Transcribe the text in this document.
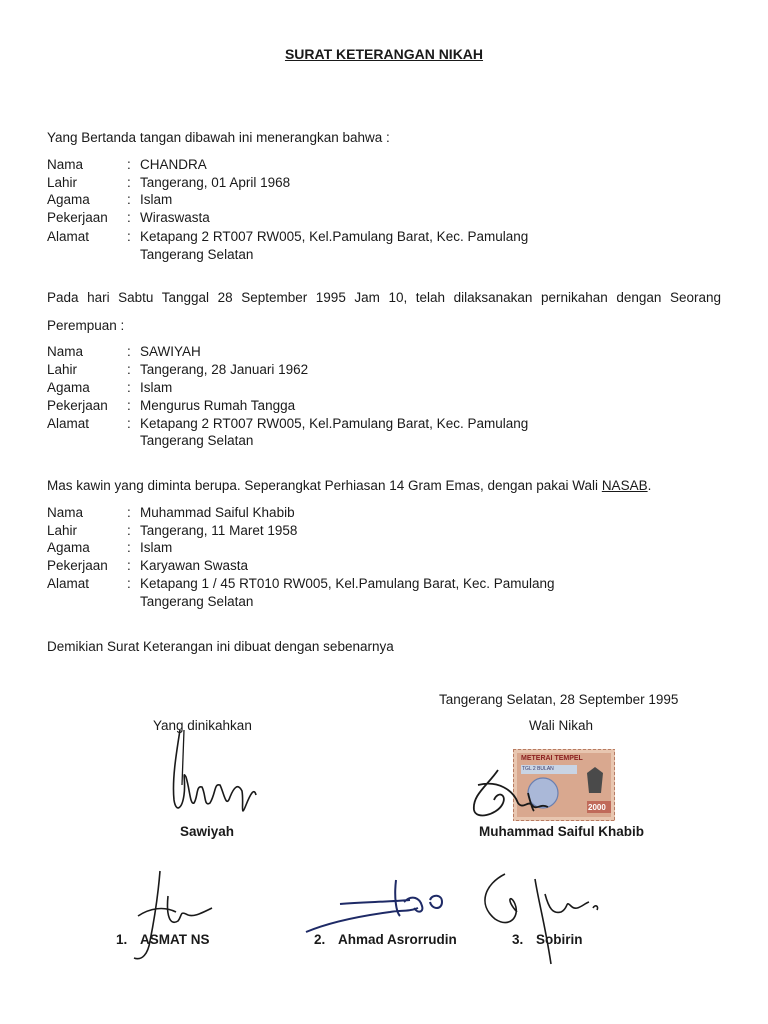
SURAT KETERANGAN NIKAH
Yang Bertanda tangan dibawah ini menerangkan bahwa :
Nama	: CHANDRA
Lahir	: Tangerang, 01 April 1968
Agama	: Islam
Pekerjaan : Wiraswasta
Alamat	: Ketapang 2 RT007 RW005, Kel.Pamulang Barat, Kec. Pamulang
Tangerang Selatan
Pada hari Sabtu Tanggal 28 September 1995 Jam 10, telah dilaksanakan pernikahan dengan Seorang
Perempuan :
Nama	: SAWIYAH
Lahir	: Tangerang, 28 Januari 1962
Agama	: Islam
Pekerjaan : Mengurus Rumah Tangga
Alamat	: Ketapang 2 RT007 RW005, Kel.Pamulang Barat, Kec. Pamulang
Tangerang Selatan
Mas kawin yang diminta berupa. Seperangkat Perhiasan 14 Gram Emas, dengan pakai Wali NASAB.
Nama	: Muhammad Saiful Khabib
Lahir	: Tangerang, 11 Maret 1958
Agama	: Islam
Pekerjaan : Karyawan Swasta
Alamat	: Ketapang 1 / 45 RT010 RW005, Kel.Pamulang Barat, Kec. Pamulang
Tangerang Selatan
Demikian Surat Keterangan ini dibuat dengan sebenarnya
Tangerang Selatan, 28 September 1995
Yang dinikahkan	Wali Nikah
METERAI TEMPEL
TGL 2 BULAN
2000
Sawiyah	Muhammad Saiful Khabib
1. ASMAT NS	2. Ahmad Asrorrudin	3. Sobirin
